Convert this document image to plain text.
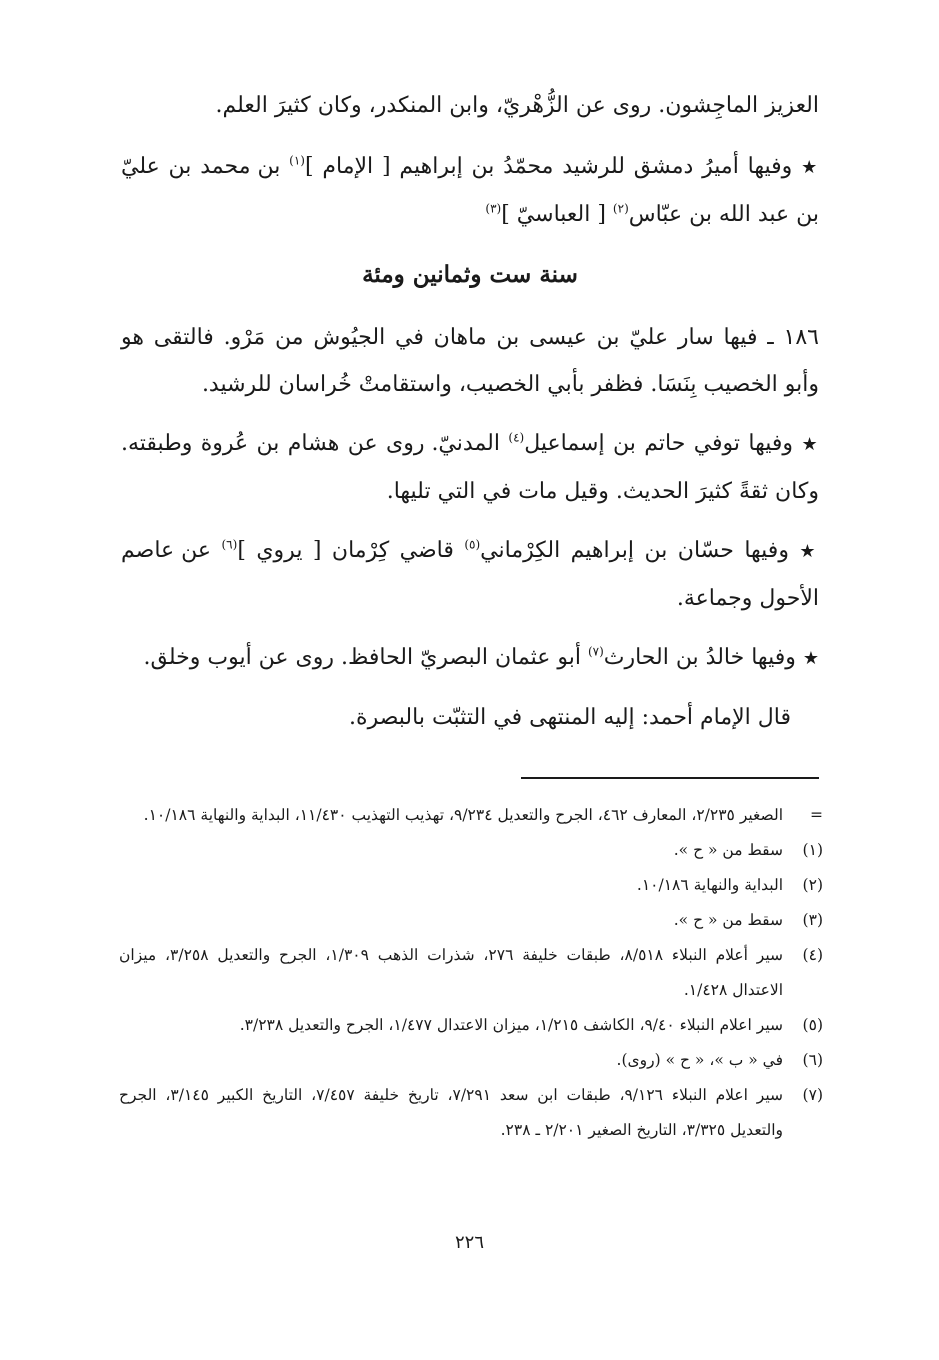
العزيز الماجِشون. روى عن الزُّهْريّ، وابن المنكدر، وكان كثيرَ العلم.

★ وفيها أميرُ دمشق للرشيد محمّدُ بن إبراهيم [ الإمام ]$^{(١)}$ بن محمد بن عليّ بن عبد الله بن عبّاس$^{(٢)}$ [ العباسيّ ]$^{(٣)}$

سنة ست وثمانين ومئة

١٨٦ ـ فيها سار عليّ بن عيسى بن ماهان في الجيُوش من مَرْو. فالتقى هو وأبو الخصيب بِنَسَا. فظفر بأبي الخصيب، واستقامتْ خُراسان للرشيد.

★ وفيها توفي حاتم بن إسماعيل$^{(٤)}$ المدنيّ. روى عن هشام بن عُروة وطبقته. وكان ثقةً كثيرَ الحديث. وقيل مات في التي تليها.

★ وفيها حسّان بن إبراهيم الكِرْماني$^{(٥)}$ قاضي كِرْمان [ يروي ]$^{(٦)}$ عن عاصم الأحول وجماعة.

★ وفيها خالدُ بن الحارث$^{(٧)}$ أبو عثمان البصريّ الحافظ. روى عن أيوب وخلق.

قال الإمام أحمد: إليه المنتهى في التثبّت بالبصرة.

=
الصغير ٢/٢٣٥، المعارف ٤٦٢، الجرح والتعديل ٩/٢٣٤، تهذيب التهذيب ١١/٤٣٠، البداية والنهاية ١٠/١٨٦.
(١)
سقط من « ح ».
(٢)
البداية والنهاية ١٠/١٨٦.
(٣)
سقط من « ح ».
(٤)
سير أعلام النبلاء ٨/٥١٨، طبقات خليفة ٢٧٦، شذرات الذهب ١/٣٠٩، الجرح والتعديل ٣/٢٥٨، ميزان الاعتدال ١/٤٢٨.
(٥)
سير اعلام النبلاء ٩/٤٠، الكاشف ١/٢١٥، ميزان الاعتدال ١/٤٧٧، الجرح والتعديل ٣/٢٣٨.
(٦)
في « ب »، « ح » (روى).
(٧)
سير اعلام النبلاء ٩/١٢٦، طبقات ابن سعد ٧/٢٩١، تاريخ خليفة ٧/٤٥٧، التاريخ الكبير ٣/١٤٥، الجرح والتعديل ٣/٣٢٥، التاريخ الصغير ٢/٢٠١ ـ ٢٣٨.
٢٢٦
